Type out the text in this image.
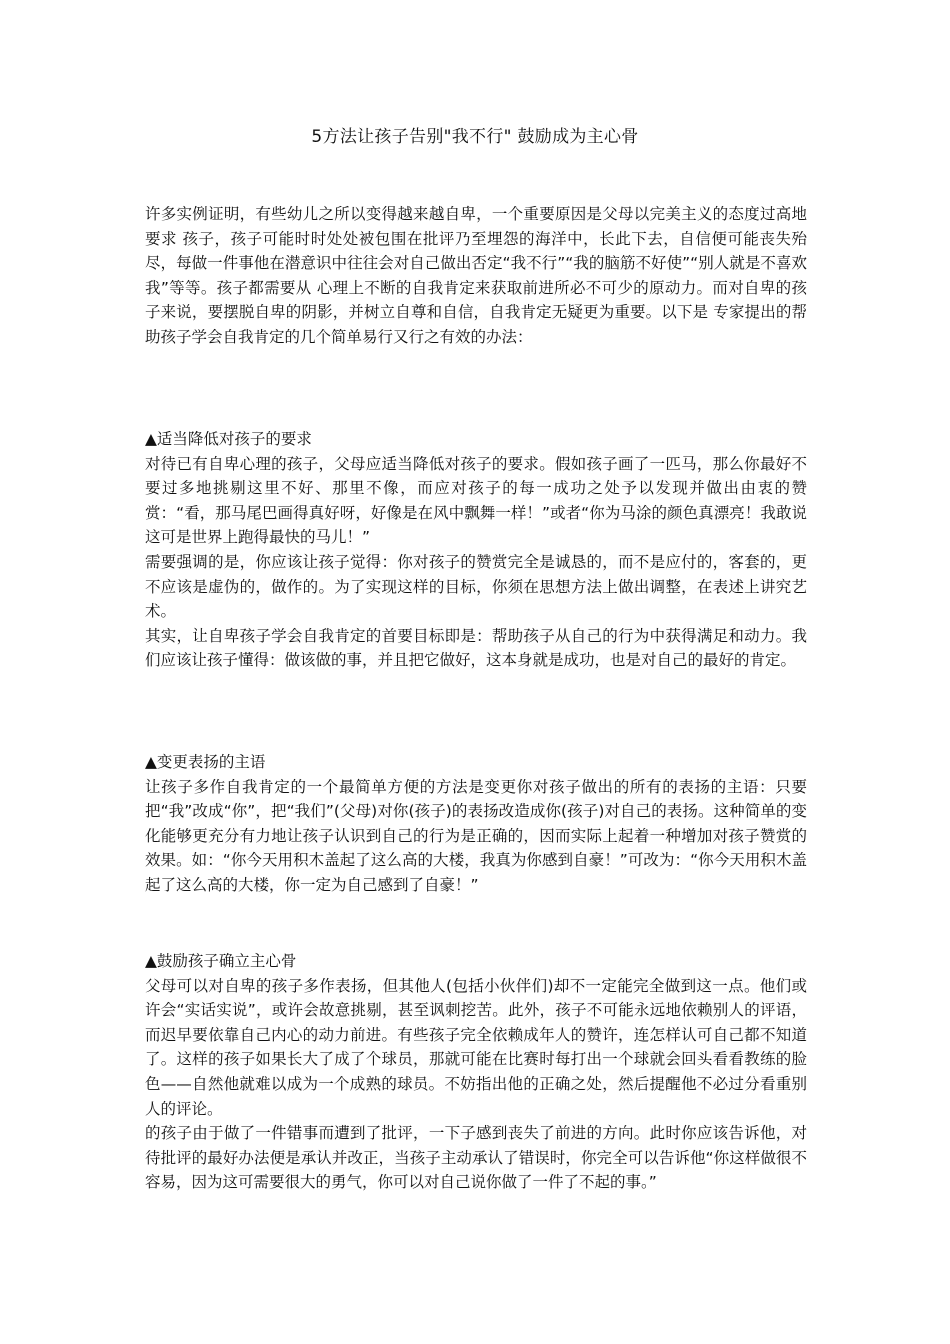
5方法让孩子告别"我不行" 鼓励成为主心骨

许多实例证明，有些幼儿之所以变得越来越自卑，一个重要原因是父母以完美主义的态度过高地要求 孩子，孩子可能时时处处被包围在批评乃至埋怨的海洋中，长此下去，自信便可能丧失殆尽，每做一件事他在潜意识中往往会对自己做出否定“我不行”“我的脑筋不好使”“别人就是不喜欢我”等等。孩子都需要从 心理上不断的自我肯定来获取前进所必不可少的原动力。而对自卑的孩子来说，要摆脱自卑的阴影，并树立自尊和自信，自我肯定无疑更为重要。以下是 专家提出的帮助孩子学会自我肯定的几个简单易行又行之有效的办法：

▲适当降低对孩子的要求

对待已有自卑心理的孩子，父母应适当降低对孩子的要求。假如孩子画了一匹马，那么你最好不要过多地挑剔这里不好、那里不像，而应对孩子的每一成功之处予以发现并做出由衷的赞赏：“看，那马尾巴画得真好呀，好像是在风中飘舞一样！”或者“你为马涂的颜色真漂亮！我敢说这可是世界上跑得最快的马儿！”

需要强调的是，你应该让孩子觉得：你对孩子的赞赏完全是诚恳的，而不是应付的，客套的，更不应该是虚伪的，做作的。为了实现这样的目标，你须在思想方法上做出调整，在表述上讲究艺术。

其实，让自卑孩子学会自我肯定的首要目标即是：帮助孩子从自己的行为中获得满足和动力。我们应该让孩子懂得：做该做的事，并且把它做好，这本身就是成功，也是对自己的最好的肯定。

▲变更表扬的主语

让孩子多作自我肯定的一个最简单方便的方法是变更你对孩子做出的所有的表扬的主语：只要把“我”改成“你”，把“我们”(父母)对你(孩子)的表扬改造成你(孩子)对自己的表扬。这种简单的变化能够更充分有力地让孩子认识到自己的行为是正确的，因而实际上起着一种增加对孩子赞赏的效果。如：“你今天用积木盖起了这么高的大楼，我真为你感到自豪！”可改为：“你今天用积木盖起了这么高的大楼，你一定为自己感到了自豪！”

▲鼓励孩子确立主心骨

父母可以对自卑的孩子多作表扬，但其他人(包括小伙伴们)却不一定能完全做到这一点。他们或许会“实话实说”，或许会故意挑剔，甚至讽刺挖苦。此外，孩子不可能永远地依赖别人的评语，而迟早要依靠自己内心的动力前进。有些孩子完全依赖成年人的赞许，连怎样认可自己都不知道了。这样的孩子如果长大了成了个球员，那就可能在比赛时每打出一个球就会回头看看教练的脸色——自然他就难以成为一个成熟的球员。不妨指出他的正确之处，然后提醒他不必过分看重别人的评论。

的孩子由于做了一件错事而遭到了批评，一下子感到丧失了前进的方向。此时你应该告诉他，对待批评的最好办法便是承认并改正，当孩子主动承认了错误时，你完全可以告诉他“你这样做很不容易，因为这可需要很大的勇气，你可以对自己说你做了一件了不起的事。”
